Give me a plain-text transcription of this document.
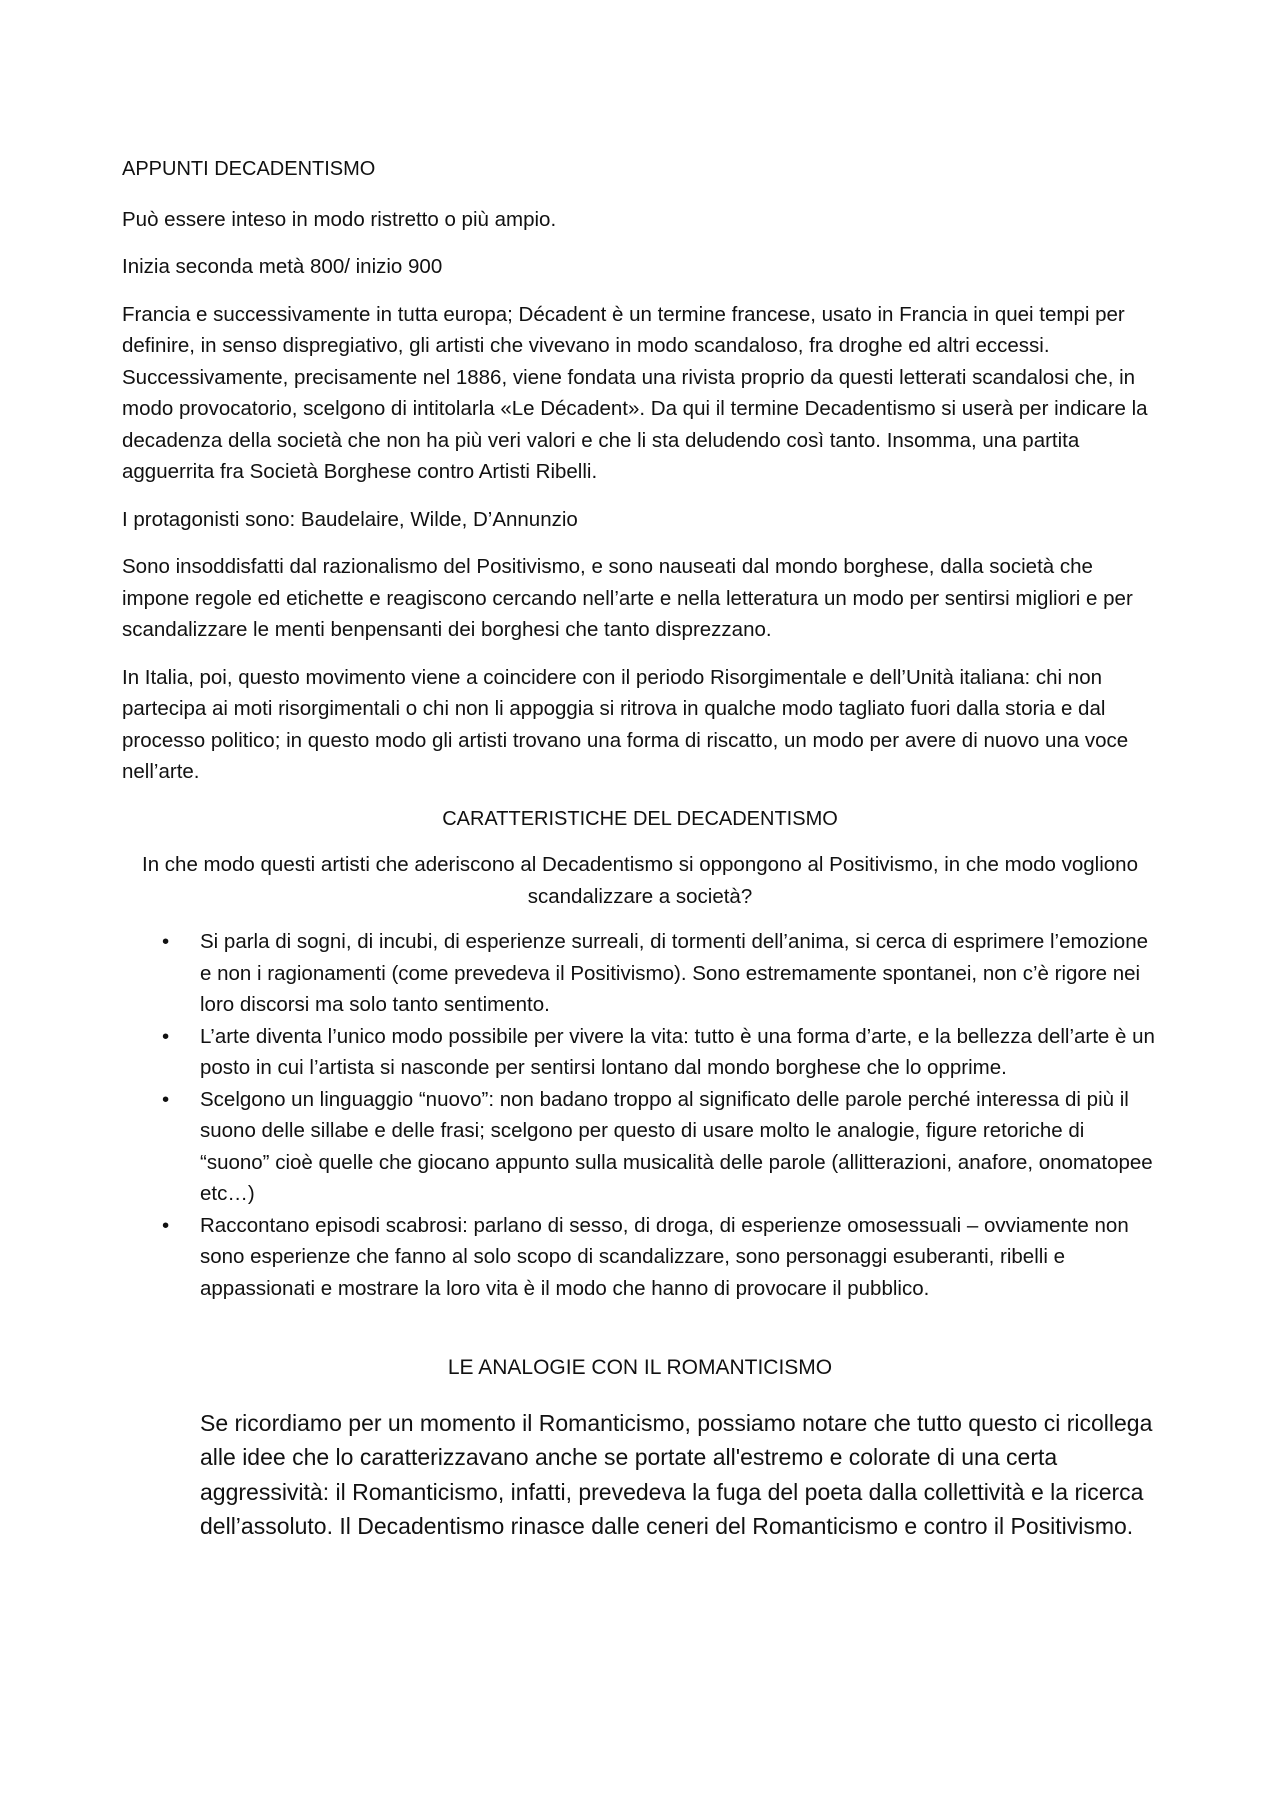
APPUNTI DECADENTISMO

Può essere inteso in modo ristretto o più ampio.

Inizia seconda metà 800/ inizio 900

Francia e successivamente in tutta europa; Décadent è un termine francese, usato in Francia in quei tempi per definire, in senso dispregiativo, gli artisti che vivevano in modo scandaloso, fra droghe ed altri eccessi. Successivamente, precisamente nel 1886, viene fondata una rivista proprio da questi letterati scandalosi che, in modo provocatorio, scelgono di intitolarla «Le Décadent». Da qui il termine Decadentismo si userà per indicare la decadenza della società che non ha più veri valori e che li sta deludendo così tanto. Insomma, una partita agguerrita fra Società Borghese contro Artisti Ribelli.

I protagonisti sono: Baudelaire, Wilde, D’Annunzio

Sono insoddisfatti dal razionalismo del Positivismo, e sono nauseati dal mondo borghese, dalla società che impone regole ed etichette e reagiscono cercando nell’arte e nella letteratura un modo per sentirsi migliori e per scandalizzare le menti benpensanti dei borghesi che tanto disprezzano.

In Italia, poi, questo movimento viene a coincidere con il periodo Risorgimentale e dell’Unità italiana: chi non partecipa ai moti risorgimentali o chi non li appoggia si ritrova in qualche modo tagliato fuori dalla storia e dal processo politico; in questo modo gli artisti trovano una forma di riscatto, un modo per avere di nuovo una voce nell’arte.

CARATTERISTICHE DEL DECADENTISMO

In che modo questi artisti che aderiscono al Decadentismo si oppongono al Positivismo, in che modo vogliono scandalizzare a società?

• Si parla di sogni, di incubi, di esperienze surreali, di tormenti dell’anima, si cerca di esprimere l’emozione e non i ragionamenti (come prevedeva il Positivismo). Sono estremamente spontanei, non c’è rigore nei loro discorsi ma solo tanto sentimento.
• L’arte diventa l’unico modo possibile per vivere la vita: tutto è una forma d’arte, e la bellezza dell’arte è un posto in cui l’artista si nasconde per sentirsi lontano dal mondo borghese che lo opprime.
• Scelgono un linguaggio “nuovo”: non badano troppo al significato delle parole perché interessa di più il suono delle sillabe e delle frasi; scelgono per questo di usare molto le analogie, figure retoriche di “suono” cioè quelle che giocano appunto sulla musicalità delle parole (allitterazioni, anafore, onomatopee etc…)
• Raccontano episodi scabrosi: parlano di sesso, di droga, di esperienze omosessuali – ovviamente non sono esperienze che fanno al solo scopo di scandalizzare, sono personaggi esuberanti, ribelli e appassionati e mostrare la loro vita è il modo che hanno di provocare il pubblico.

LE ANALOGIE CON IL ROMANTICISMO

Se ricordiamo per un momento il Romanticismo, possiamo notare che tutto questo ci ricollega alle idee che lo caratterizzavano anche se portate all'estremo e colorate di una certa aggressività: il Romanticismo, infatti, prevedeva la fuga del poeta dalla collettività e la ricerca dell’assoluto. Il Decadentismo rinasce dalle ceneri del Romanticismo e contro il Positivismo.
